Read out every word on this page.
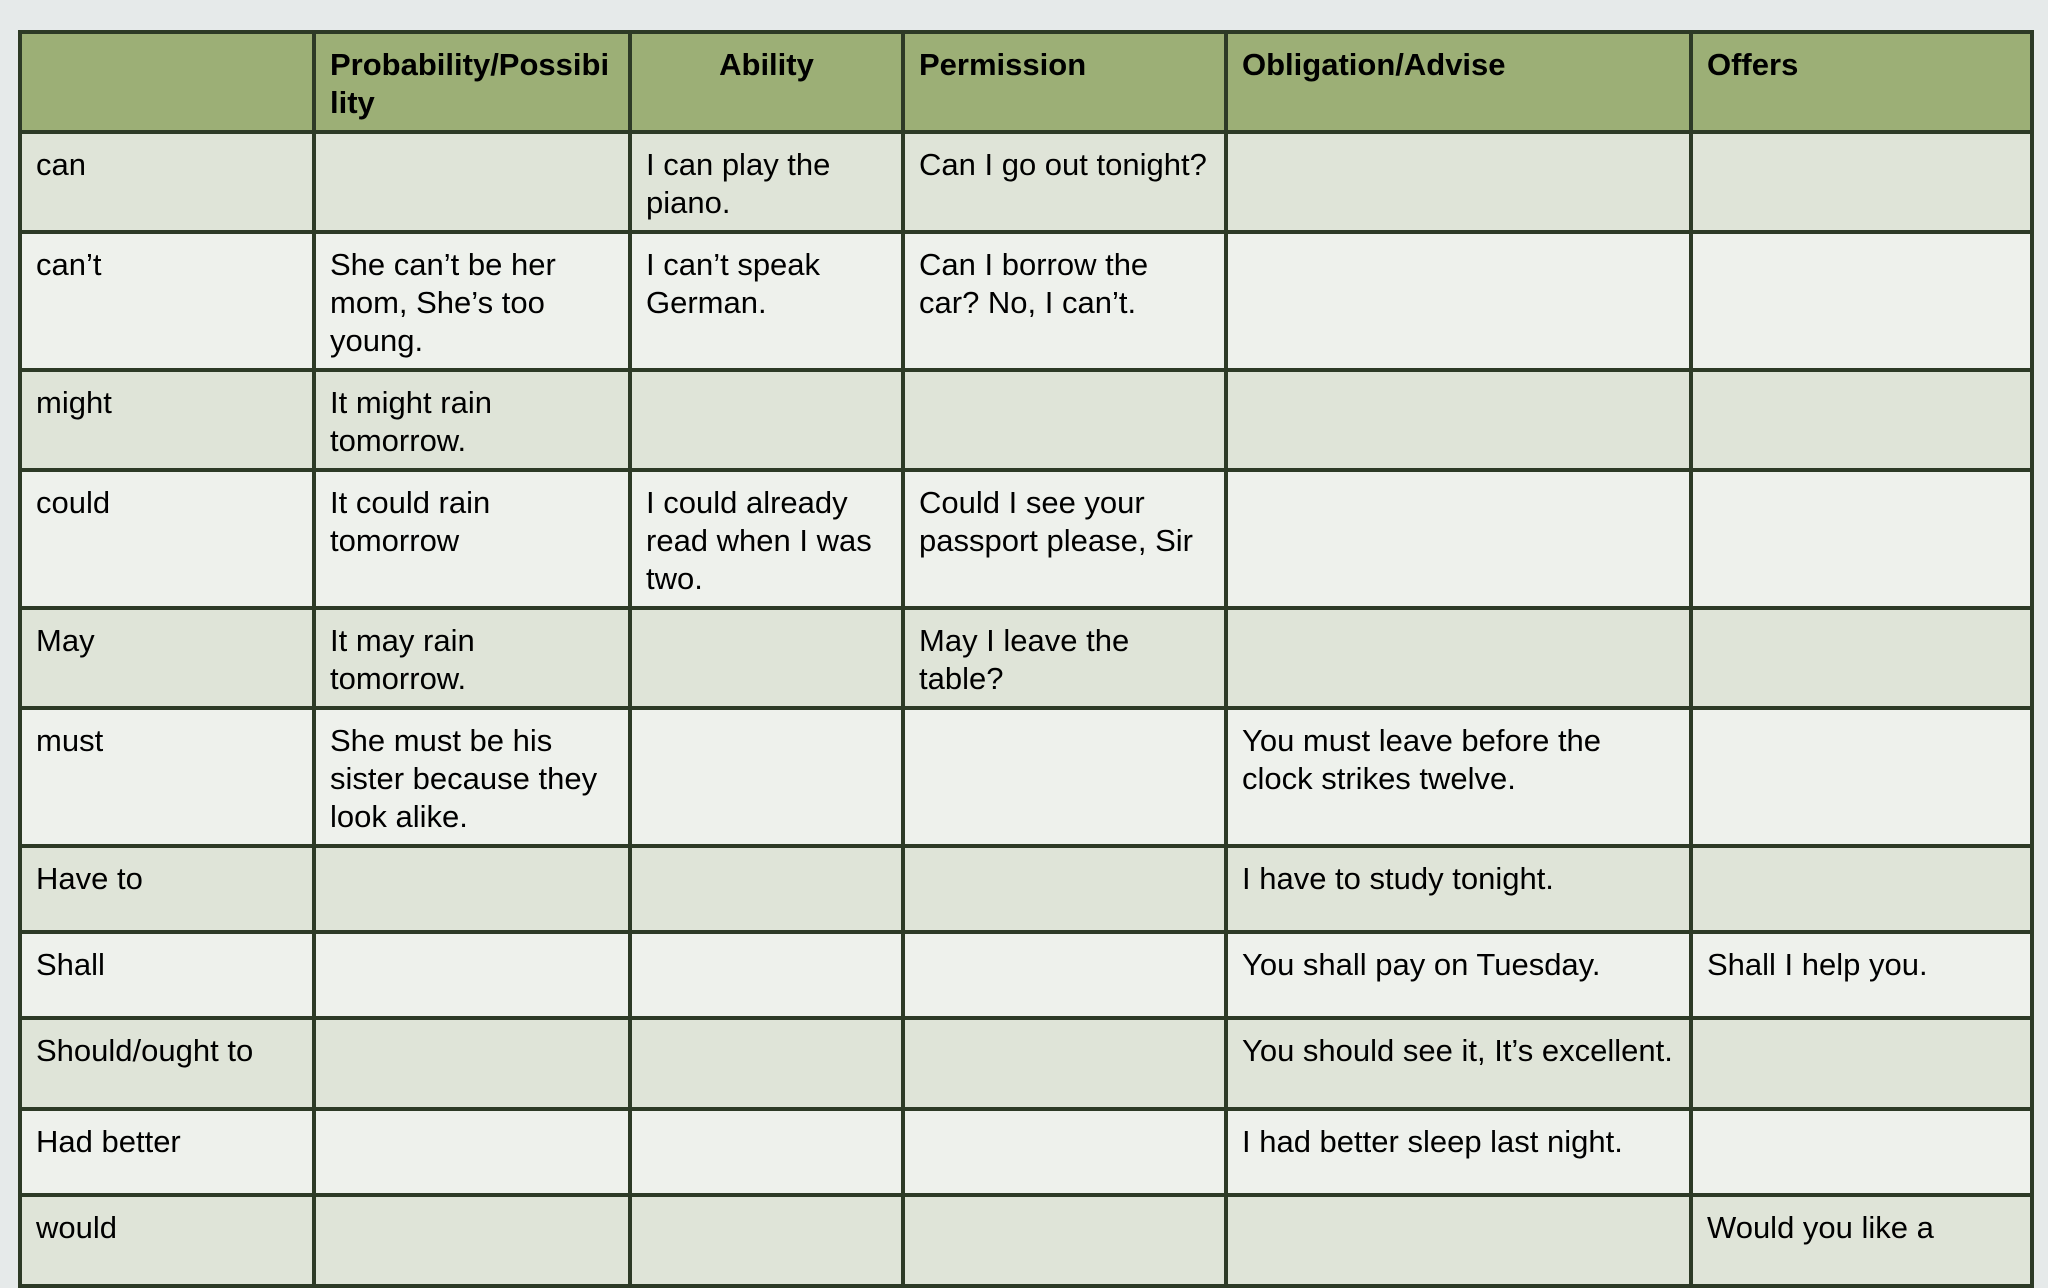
	Probability/Possibility	Ability	Permission	Obligation/Advise	Offers
can		I can play the piano.	Can I go out tonight?		
can’t	She can’t be her mom, She’s too young.	I can’t speak German.	Can I borrow the car? No, I can’t.		
might	It might rain tomorrow.				
could	It could rain tomorrow	I could already read when I was two.	Could I see your passport please, Sir		
May	It may rain tomorrow.		May I leave the table?		
must	She must be his sister because they look alike.			You must leave before the clock strikes twelve.	
Have to				I have to study tonight.	
Shall				You shall pay on Tuesday.	Shall I help you.
Should/ought to				You should see it, It’s excellent.	
Had better				I had better sleep last night.	
would					Would you like a
